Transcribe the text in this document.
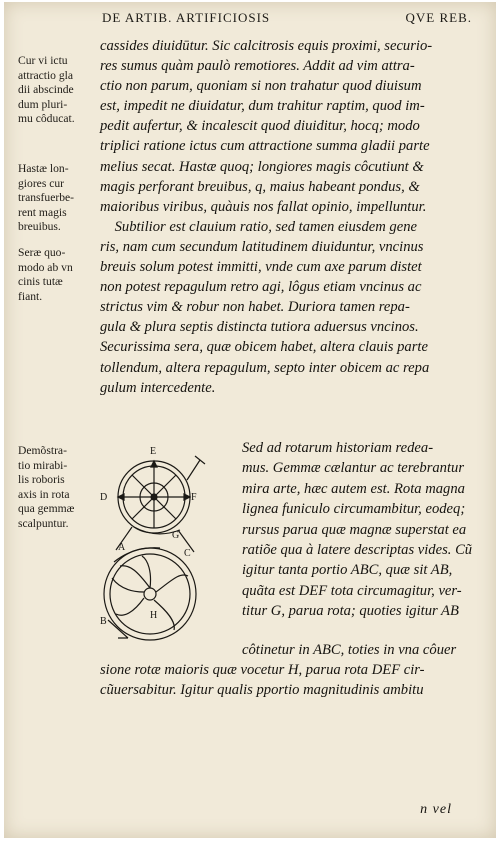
DE ARTIB. ARTIFICIOSIS	QVE REB.
Cur vi ictu
attractio gla
dii abscinde
dum pluri-
mu côducat.
Hastæ lon-
giores cur
transfuerbe-
rent magis
breuibus.
Seræ quo-
modo ab vn
cinis tutæ
fiant.
Demõstra-
tio mirabi-
lis roboris
axis in rota
qua gemmæ
scalpuntur.
cassides diuidūtur. Sic calcitrosis equis proximi, securio-
res sumus quàm paulò remotiores. Addit ad vim attra-
ctio non parum, quoniam si non trahatur quod diuisum
est, impedit ne diuidatur, dum trahitur raptim, quod im-
pedit aufertur, & incalescit quod diuiditur, hocq; modo
triplici ratione ictus cum attractione summa gladii parte
melius secat. Hastæ quoq; longiores magis côcutiunt &
magis perforant breuibus, q, maius habeant pondus, &
maioribus viribus, quàuis nos fallat opinio, impelluntur.
Subtilior est clauium ratio, sed tamen eiusdem gene
ris, nam cum secundum latitudinem diuiduntur, vncinus
breuis solum potest immitti, vnde cum axe parum distet
non potest repagulum retro agi, lôgus etiam vncinus ac
strictus vim & robur non habet. Duriora tamen repa-
gula & plura septis distincta tutiora aduersus vncinos.
Securissima sera, quæ obicem habet, altera clauis parte
tollendum, altera repagulum, septo inter obicem ac repa
gulum intercedente.
E
D	F
G
A
C
B
H
Sed ad rotarum historiam redea-
mus. Gemmæ cælantur ac terebrantur
mira arte, hæc autem est. Rota magna
lignea funiculo circumambitur, eodeq;
rursus parua quæ magnæ superstat ea
ratiõe qua à latere descriptas vides. Cũ
igitur tanta portio ABC, quæ sit AB,
quãta est DEF tota circumagitur, ver-
titur G, parua rota; quoties igitur AB
côtinetur in ABC, toties in vna côuer
sione rotæ maioris quæ vocetur H, parua rota DEF cir-
cũuersabitur. Igitur qualis pportio magnitudinis ambitu
n vel
